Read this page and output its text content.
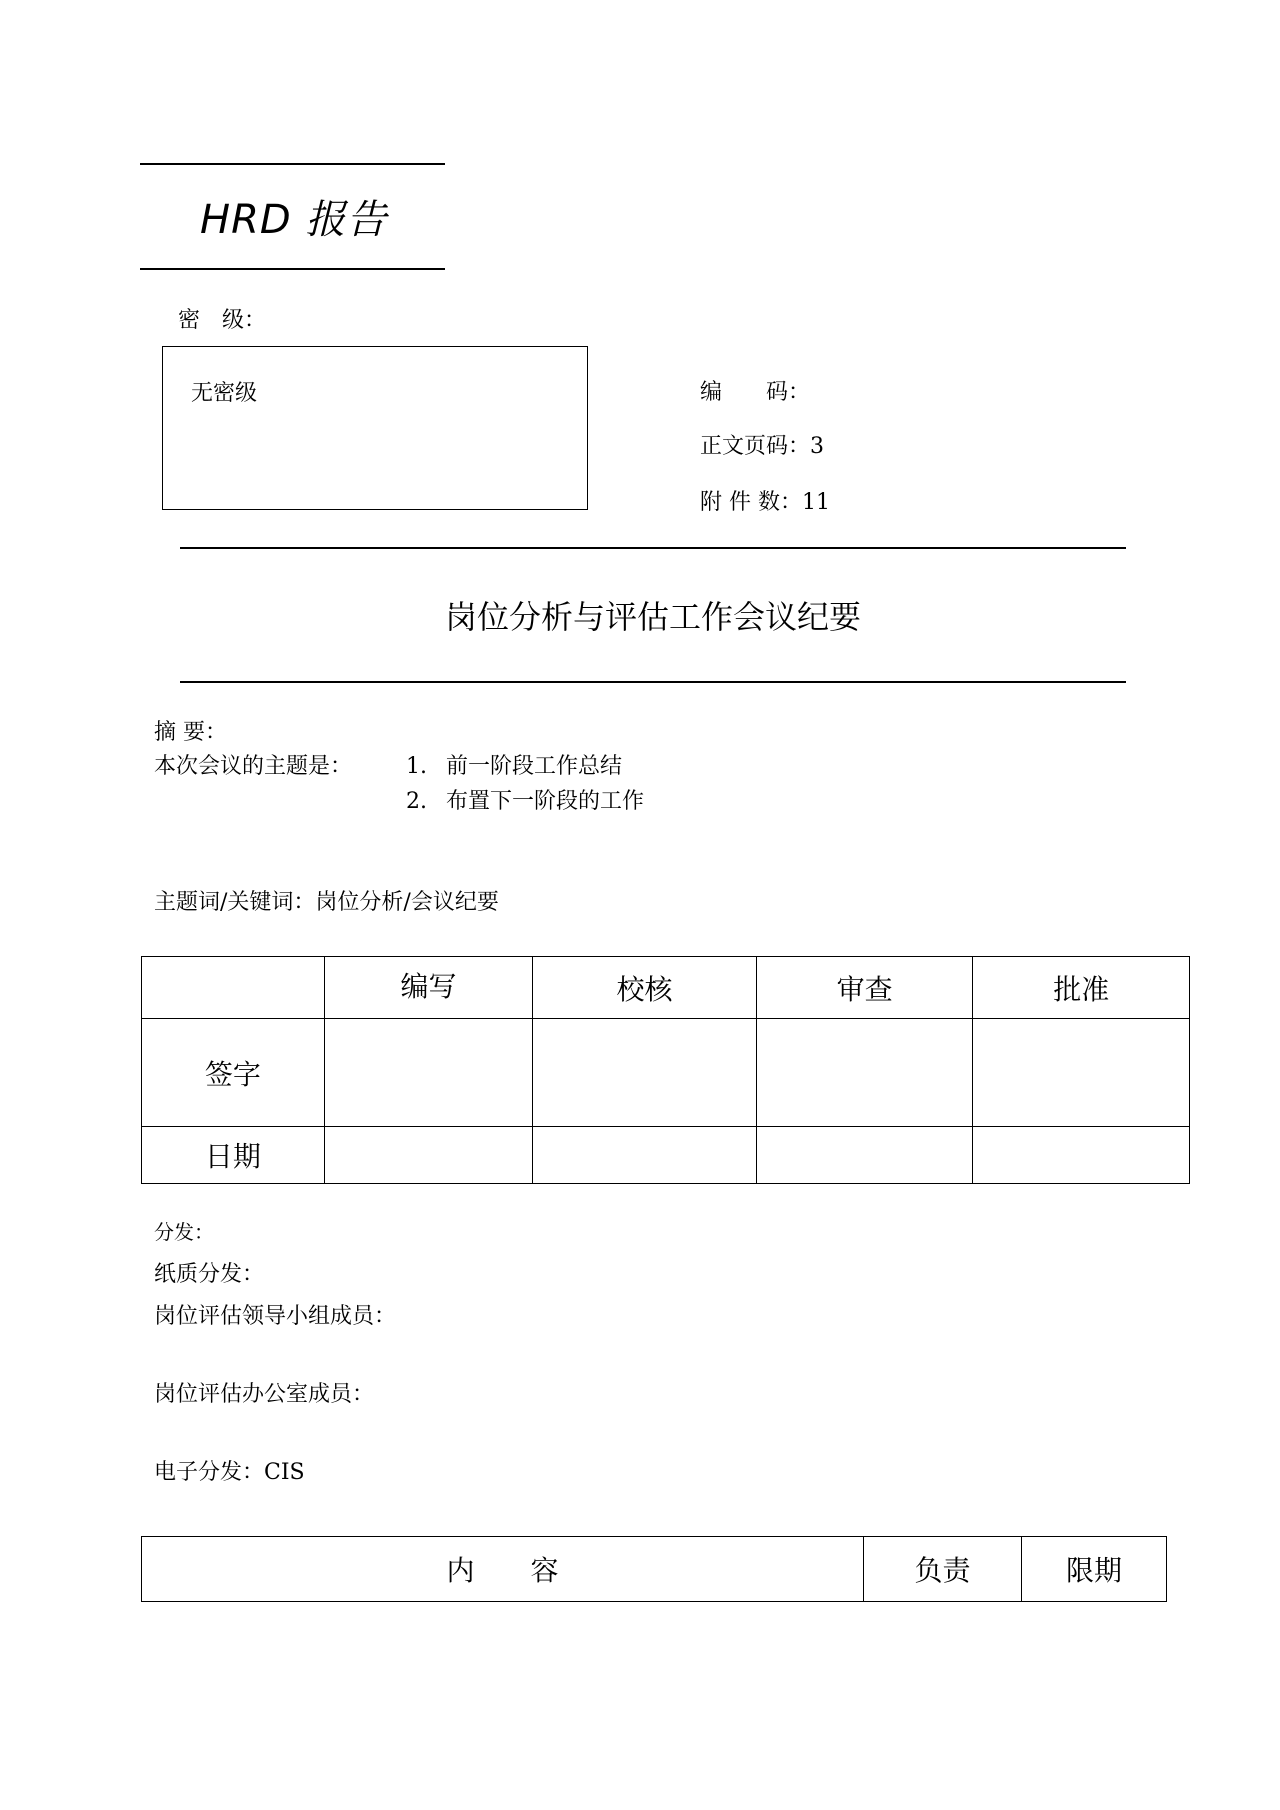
HRD 报告
密　级：
无密级	编　　码：
正文页码：3
附 件 数：11
岗位分析与评估工作会议纪要
摘 要：
本次会议的主题是： 1. 前一阶段工作总结
2. 布置下一阶段的工作
主题词/关键词：岗位分析/会议纪要
	编写	校核	审查	批准
签字				
日期				
分发：
纸质分发：
岗位评估领导小组成员：
岗位评估办公室成员：
电子分发：CIS
内　　容	负责	限期
